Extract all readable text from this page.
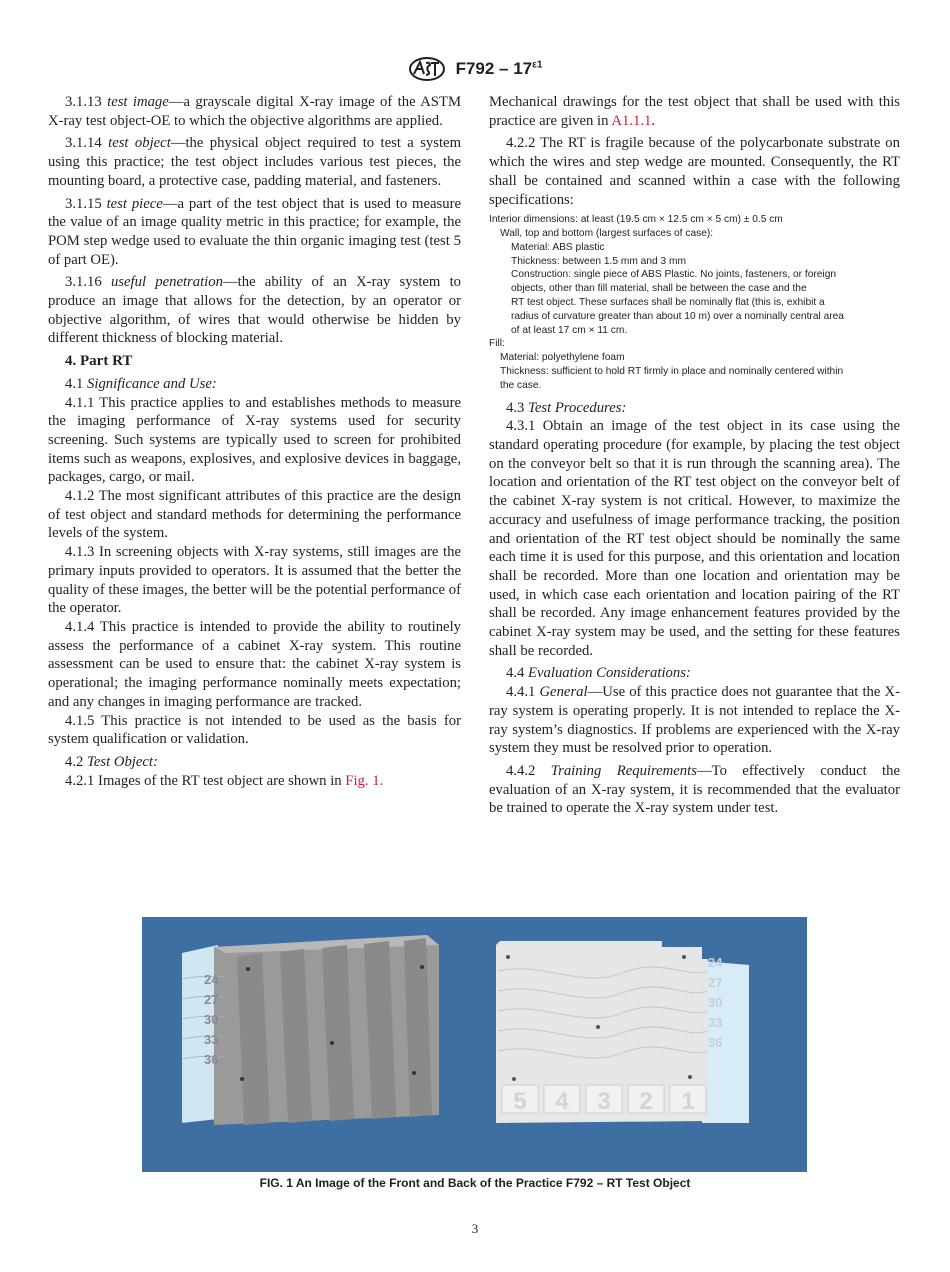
$F792 - 17^{\varepsilon 1}$

3.1.13 test image—a grayscale digital X-ray image of the ASTM X-ray test object-OE to which the objective algorithms are applied.

3.1.14 test object—the physical object required to test a system using this practice; the test object includes various test pieces, the mounting board, a protective case, padding material, and fasteners.

3.1.15 test piece—a part of the test object that is used to measure the value of an image quality metric in this practice; for example, the POM step wedge used to evaluate the thin organic imaging test (test 5 of part OE).

3.1.16 useful penetration—the ability of an X-ray system to produce an image that allows for the detection, by an operator or objective algorithm, of wires that would otherwise be hidden by different thickness of blocking material.

4. Part RT

4.1 Significance and Use:

4.1.1 This practice applies to and establishes methods to measure the imaging performance of X-ray systems used for security screening. Such systems are typically used to screen for prohibited items such as weapons, explosives, and explosive devices in baggage, packages, cargo, or mail.

4.1.2 The most significant attributes of this practice are the design of test object and standard methods for determining the performance levels of the system.

4.1.3 In screening objects with X-ray systems, still images are the primary inputs provided to operators. It is assumed that the better the quality of these images, the better will be the potential performance of the operator.

4.1.4 This practice is intended to provide the ability to routinely assess the performance of a cabinet X-ray system. This routine assessment can be used to ensure that: the cabinet X-ray system is operational; the imaging performance nominally meets expectation; and any changes in imaging performance are tracked.

4.1.5 This practice is not intended to be used as the basis for system qualification or validation.

4.2 Test Object:

4.2.1 Images of the RT test object are shown in Fig. 1.

Mechanical drawings for the test object that shall be used with this practice are given in A1.1.1.

4.2.2 The RT is fragile because of the polycarbonate substrate on which the wires and step wedge are mounted. Consequently, the RT shall be contained and scanned within a case with the following specifications:

Interior dimensions: at least (19.5 cm × 12.5 cm × 5 cm) ± 0.5 cm
Wall, top and bottom (largest surfaces of case):
Material: ABS plastic
Thickness: between 1.5 mm and 3 mm
Construction: single piece of ABS Plastic. No joints, fasteners, or foreign
objects, other than fill material, shall be between the case and the
RT test object. These surfaces shall be nominally flat (this is, exhibit a
radius of curvature greater than about 10 m) over a nominally central area
of at least 17 cm × 11 cm.
Fill:
Material: polyethylene foam
Thickness: sufficient to hold RT firmly in place and nominally centered within
the case.

4.3 Test Procedures:

4.3.1 Obtain an image of the test object in its case using the standard operating procedure (for example, by placing the test object on the conveyor belt so that it is run through the scanning area). The location and orientation of the RT test object on the conveyor belt of the cabinet X-ray system is not critical. However, to maximize the accuracy and usefulness of image performance tracking, the position and orientation of the RT test object should be nominally the same each time it is used for this purpose, and this orientation and location shall be recorded. More than one location and orientation may be used, in which case each orientation and location pairing of the RT shall be recorded. Any image enhancement features provided by the cabinet X-ray system may be used, and the setting for these features shall be recorded.

4.4 Evaluation Considerations:

4.4.1 General—Use of this practice does not guarantee that the X-ray system is operating properly. It is not intended to replace the X-ray system’s diagnostics. If problems are experienced with the X-ray system they must be resolved prior to operation.

4.4.2 Training Requirements—To effectively conduct the evaluation of an X-ray system, it is recommended that the evaluator be trained to operate the X-ray system under test.

24
27
30
33
36
24
27
30
33
36
5 4 3 2 1
FIG. 1 An Image of the Front and Back of the Practice F792 – RT Test Object
3
